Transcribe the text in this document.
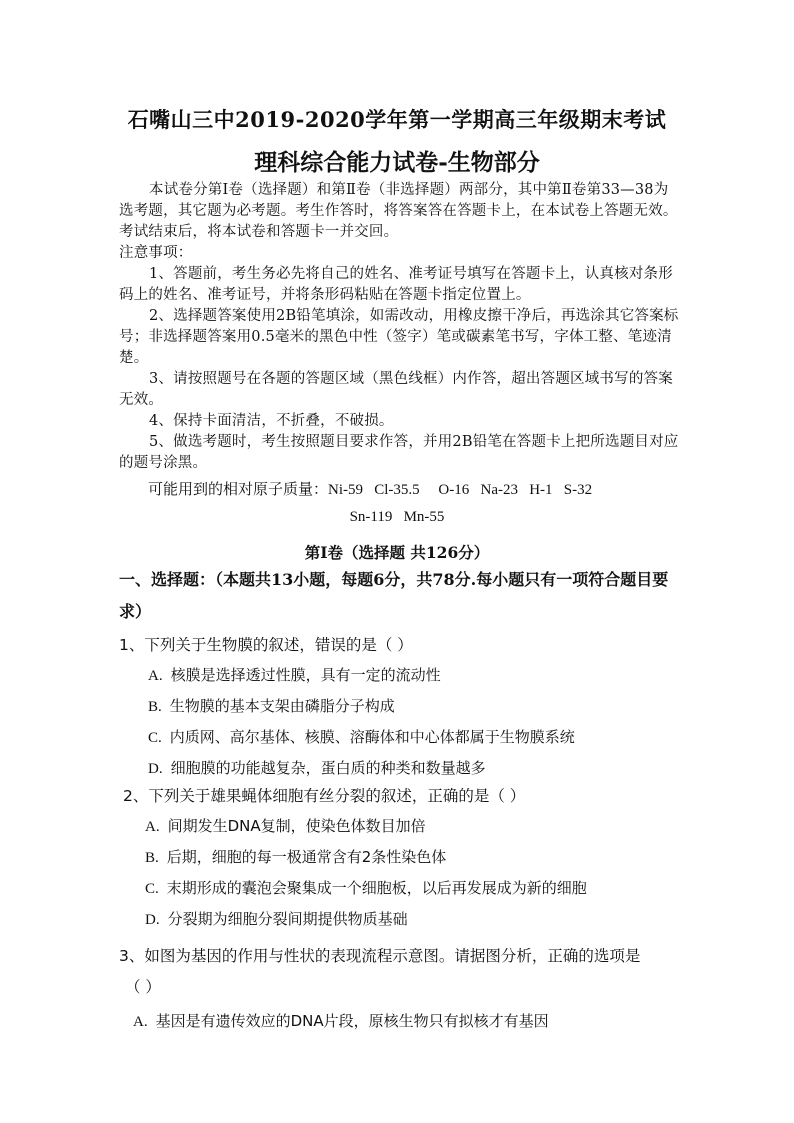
石嘴山三中2019-2020学年第一学期高三年级期末考试
理科综合能力试卷-生物部分

本试卷分第Ⅰ卷（选择题）和第Ⅱ卷（非选择题）两部分，其中第Ⅱ卷第33—38为选考题，其它题为必考题。考生作答时，将答案答在答题卡上，在本试卷上答题无效。考试结束后，将本试卷和答题卡一并交回。

注意事项：

1、答题前，考生务必先将自己的姓名、准考证号填写在答题卡上，认真核对条形码上的姓名、准考证号，并将条形码粘贴在答题卡指定位置上。

2、选择题答案使用2B铅笔填涂，如需改动，用橡皮擦干净后，再选涂其它答案标号；非选择题答案用0.5毫米的黑色中性（签字）笔或碳素笔书写，字体工整、笔迹清楚。

3、请按照题号在各题的答题区域（黑色线框）内作答，超出答题区域书写的答案无效。

4、保持卡面清洁，不折叠，不破损。

5、做选考题时，考生按照题目要求作答，并用2B铅笔在答题卡上把所选题目对应的题号涂黑。

可能用到的相对原子质量：Ni-59   Cl-35.5     O-16   Na-23   H-1   S-32
Sn-119   Mn-55
第Ⅰ卷（选择题 共126分）
一、选择题：（本题共13小题，每题6分，共78分.每小题只有一项符合题目要求）
1、下列关于生物膜的叙述，错误的是（ ）
A. 核膜是选择透过性膜，具有一定的流动性
B. 生物膜的基本支架由磷脂分子构成
C. 内质网、高尔基体、核膜、溶酶体和中心体都属于生物膜系统
D. 细胞膜的功能越复杂，蛋白质的种类和数量越多
2、下列关于雄果蝇体细胞有丝分裂的叙述，正确的是（ ）
A. 间期发生DNA复制，使染色体数目加倍
B. 后期，细胞的每一极通常含有2条性染色体
C. 末期形成的囊泡会聚集成一个细胞板，以后再发展成为新的细胞
D. 分裂期为细胞分裂间期提供物质基础
3、如图为基因的作用与性状的表现流程示意图。请据图分析，正确的选项是
（ ）
A. 基因是有遗传效应的DNA片段，原核生物只有拟核才有基因
